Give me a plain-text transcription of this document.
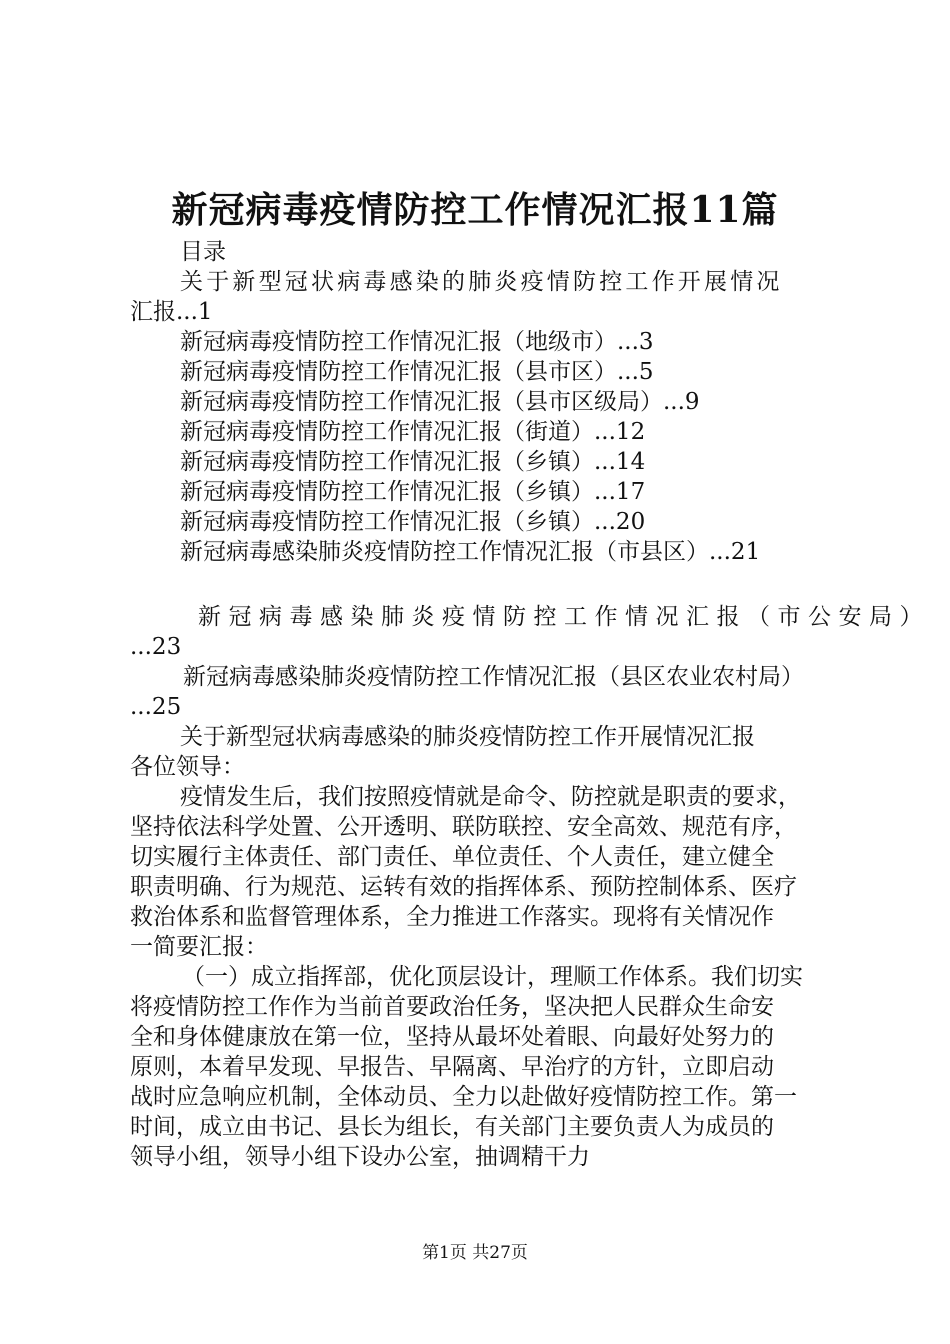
新冠病毒疫情防控工作情况汇报11篇
目录
关于新型冠状病毒感染的肺炎疫情防控工作开展情况
汇报...1
新冠病毒疫情防控工作情况汇报（地级市）...3
新冠病毒疫情防控工作情况汇报（县市区）...5
新冠病毒疫情防控工作情况汇报（县市区级局）...9
新冠病毒疫情防控工作情况汇报（街道）...12
新冠病毒疫情防控工作情况汇报（乡镇）...14
新冠病毒疫情防控工作情况汇报（乡镇）...17
新冠病毒疫情防控工作情况汇报（乡镇）...20
新冠病毒感染肺炎疫情防控工作情况汇报（市县区）...21
新冠病毒感染肺炎疫情防控工作情况汇报（市公安局）
...23
新冠病毒感染肺炎疫情防控工作情况汇报（县区农业农村局）
...25
关于新型冠状病毒感染的肺炎疫情防控工作开展情况汇报
各位领导：
疫情发生后，我们按照疫情就是命令、防控就是职责的要求，
坚持依法科学处置、公开透明、联防联控、安全高效、规范有序，
切实履行主体责任、部门责任、单位责任、个人责任，建立健全
职责明确、行为规范、运转有效的指挥体系、预防控制体系、医疗
救治体系和监督管理体系，全力推进工作落实。现将有关情况作
一简要汇报：
（一）成立指挥部，优化顶层设计，理顺工作体系。我们切实
将疫情防控工作作为当前首要政治任务，坚决把人民群众生命安
全和身体健康放在第一位，坚持从最坏处着眼、向最好处努力的
原则，本着早发现、早报告、早隔离、早治疗的方针，立即启动
战时应急响应机制，全体动员、全力以赴做好疫情防控工作。第一
时间，成立由书记、县长为组长，有关部门主要负责人为成员的
领导小组，领导小组下设办公室，抽调精干力
第1页 共27页
